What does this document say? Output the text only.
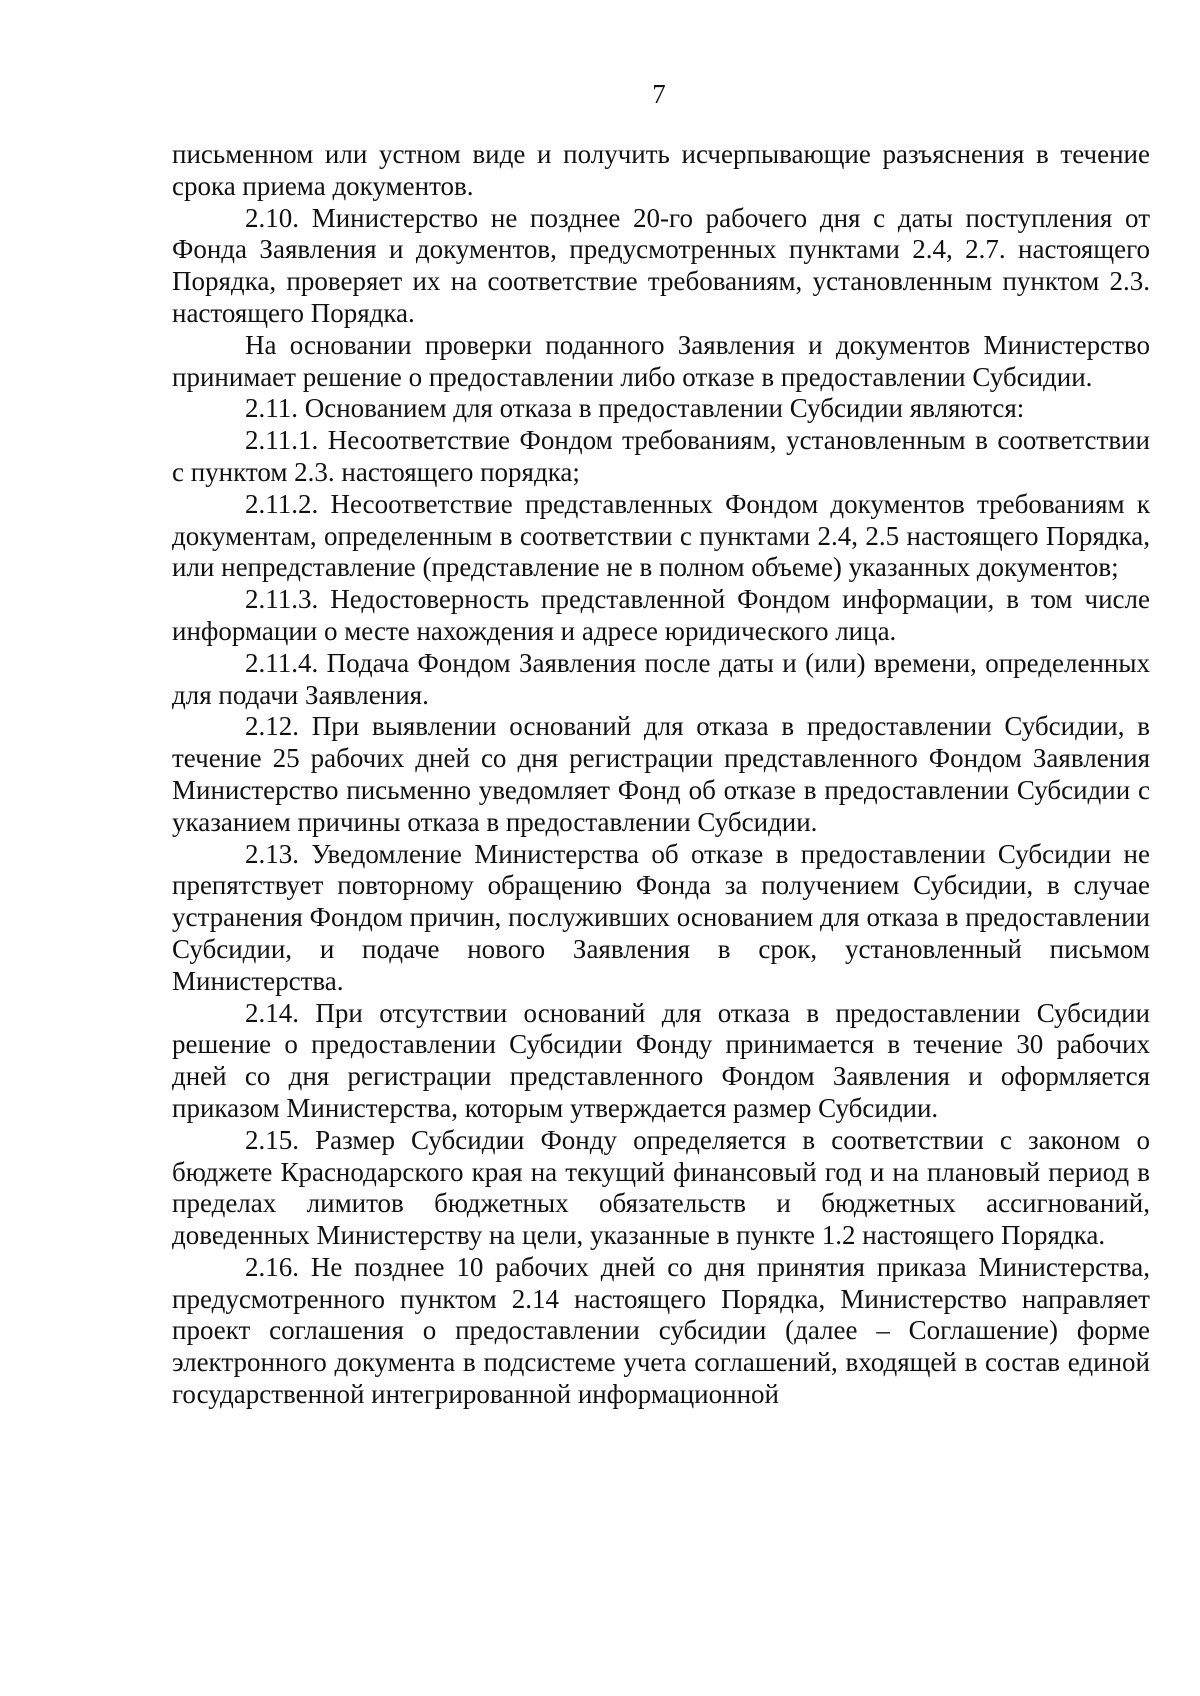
7

письменном или устном виде и получить исчерпывающие разъяснения в течение срока приема документов.

2.10. Министерство не позднее 20-го рабочего дня с даты поступления от Фонда Заявления и документов, предусмотренных пунктами 2.4, 2.7. настоящего Порядка, проверяет их на соответствие требованиям, установленным пунктом 2.3. настоящего Порядка.

На основании проверки поданного Заявления и документов Министерство принимает решение о предоставлении либо отказе в предоставлении Субсидии.

2.11. Основанием для отказа в предоставлении Субсидии являются:

2.11.1. Несоответствие Фондом требованиям, установленным в соответствии с пунктом 2.3. настоящего порядка;

2.11.2. Несоответствие представленных Фондом документов требованиям к документам, определенным в соответствии с пунктами 2.4, 2.5 настоящего Порядка, или непредставление (представление не в полном объеме) указанных документов;

2.11.3. Недостоверность представленной Фондом информации, в том числе информации о месте нахождения и адресе юридического лица.

2.11.4. Подача Фондом Заявления после даты и (или) времени, определенных для подачи Заявления.

2.12. При выявлении оснований для отказа в предоставлении Субсидии, в течение 25 рабочих дней со дня регистрации представленного Фондом Заявления Министерство письменно уведомляет Фонд об отказе в предоставлении Субсидии с указанием причины отказа в предоставлении Субсидии.

2.13. Уведомление Министерства об отказе в предоставлении Субсидии не препятствует повторному обращению Фонда за получением Субсидии, в случае устранения Фондом причин, послуживших основанием для отказа в предоставлении Субсидии, и подаче нового Заявления в срок, установленный письмом Министерства.

2.14. При отсутствии оснований для отказа в предоставлении Субсидии решение о предоставлении Субсидии Фонду принимается в течение 30 рабочих дней со дня регистрации представленного Фондом Заявления и оформляется приказом Министерства, которым утверждается размер Субсидии.

2.15. Размер Субсидии Фонду определяется в соответствии с законом о бюджете Краснодарского края на текущий финансовый год и на плановый период в пределах лимитов бюджетных обязательств и бюджетных ассигнований, доведенных Министерству на цели, указанные в пункте 1.2 настоящего Порядка.

2.16. Не позднее 10 рабочих дней со дня принятия приказа Министерства, предусмотренного пунктом 2.14 настоящего Порядка, Министерство направляет проект соглашения о предоставлении субсидии (далее – Соглашение) форме электронного документа в подсистеме учета соглашений, входящей в состав единой государственной интегрированной информационной
